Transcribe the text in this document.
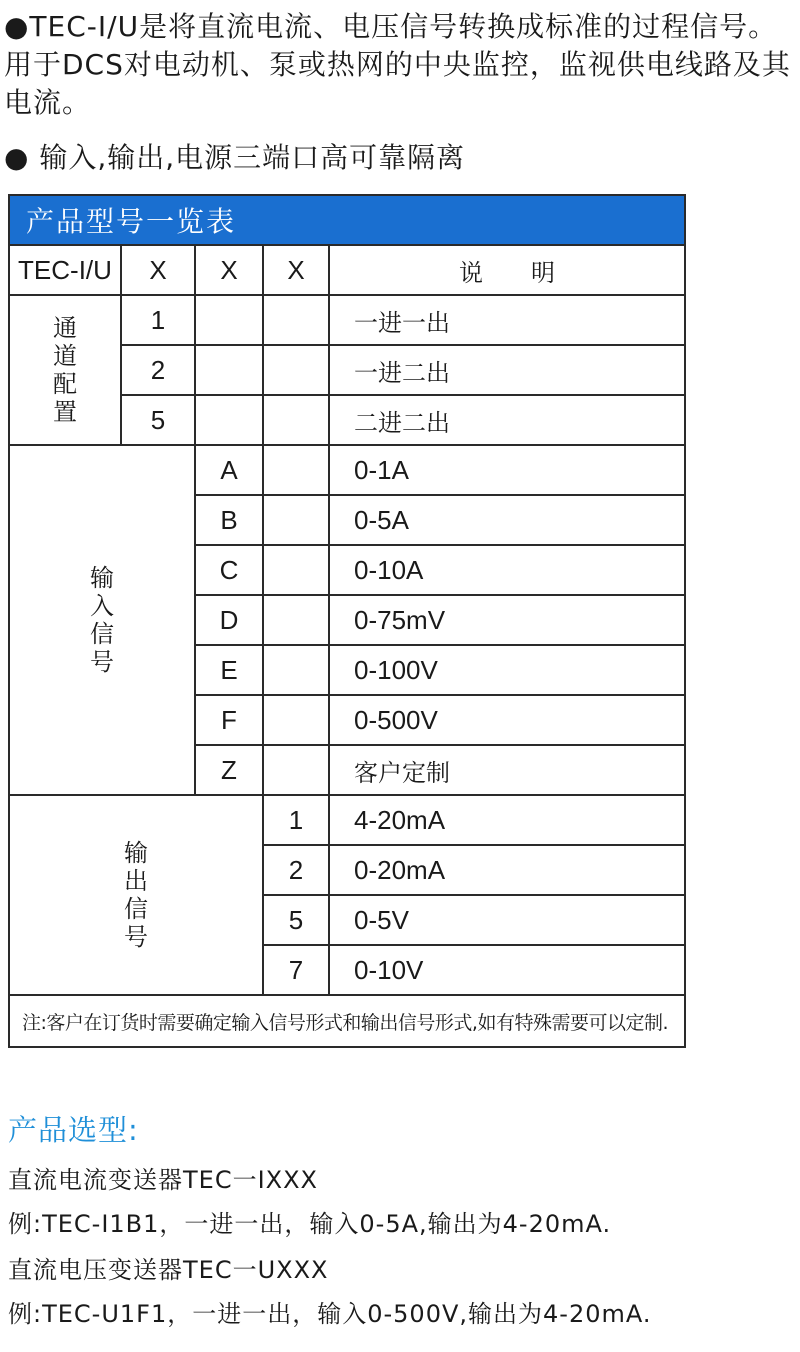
●TEC-I/U是将直流电流、电压信号转换成标准的过程信号。用于DCS对电动机、泵或热网的中央监控，监视供电线路及其电流。
● 输入,输出,电源三端口高可靠隔离
产品型号一览表				
TEC-I/U	X	X	X	说　　明
通道配置	1			一进一出
	2			一进二出
	5			二进二出
输入信号		A		0-1A
		B		0-5A
		C		0-10A
		D		0-75mV
		E		0-100V
		F		0-500V
		Z		客户定制
输出信号			1	4-20mA
			2	0-20mA
			5	0-5V
			7	0-10V
注:客户在订货时需要确定输入信号形式和输出信号形式,如有特殊需要可以定制.				
产品选型:
直流电流变送器TEC一IXXX
例:TEC-I1B1，一进一出，输入0-5A,输出为4-20mA.
直流电压变送器TEC一UXXX
例:TEC-U1F1，一进一出，输入0-500V,输出为4-20mA.
